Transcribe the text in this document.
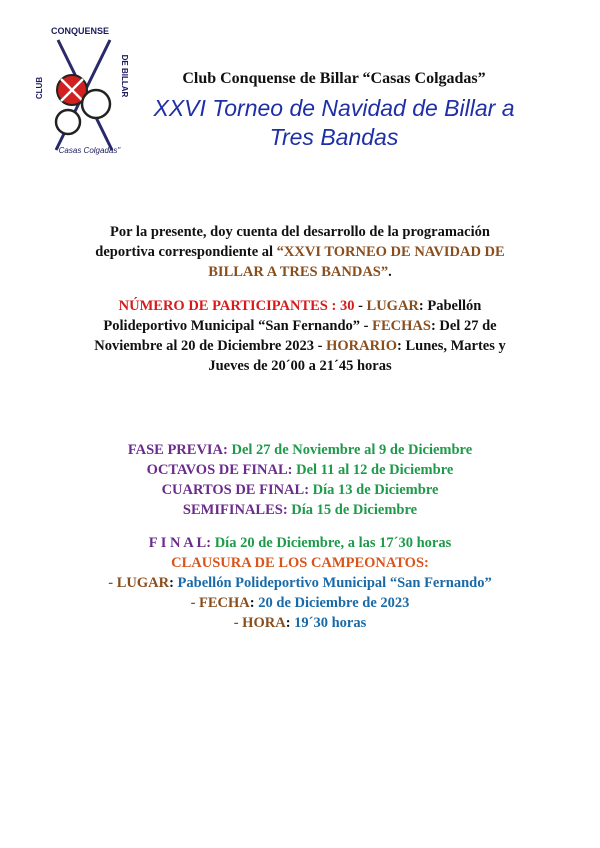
CONQUENSE
CLUB	DE BILLAR
"Casas Colgadas"
Club Conquense de Billar “Casas Colgadas”
XXVI Torneo de Navidad de Billar a
Tres Bandas
Por la presente, doy cuenta del desarrollo de la programación
deportiva correspondiente al “XXVI TORNEO DE NAVIDAD DE
BILLAR A TRES BANDAS”.
NÚMERO DE PARTICIPANTES : 30 - LUGAR: Pabellón
Polideportivo Municipal “San Fernando” - FECHAS: Del 27 de
Noviembre al 20 de Diciembre 2023 - HORARIO: Lunes, Martes y
Jueves de 20´00 a 21´45 horas
FASE PREVIA: Del 27 de Noviembre al 9 de Diciembre
OCTAVOS DE FINAL: Del 11 al 12 de Diciembre
CUARTOS DE FINAL: Día 13 de Diciembre
SEMIFINALES: Día 15 de Diciembre
F I N A L: Día 20 de Diciembre, a las 17´30 horas
CLAUSURA DE LOS CAMPEONATOS:
- LUGAR: Pabellón Polideportivo Municipal “San Fernando”
- FECHA: 20 de Diciembre de 2023
- HORA: 19´30 horas
